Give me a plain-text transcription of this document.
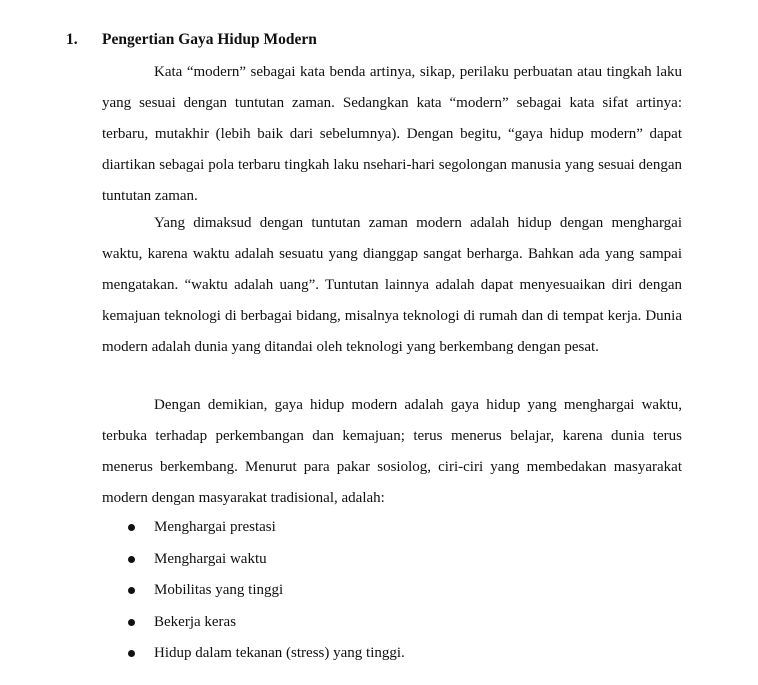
1. Pengertian Gaya Hidup Modern

Kata “modern” sebagai kata benda artinya, sikap, perilaku perbuatan atau tingkah laku yang sesuai dengan tuntutan zaman. Sedangkan kata “modern” sebagai kata sifat artinya: terbaru, mutakhir (lebih baik dari sebelumnya). Dengan begitu, “gaya hidup modern” dapat diartikan sebagai pola terbaru tingkah laku nsehari-hari segolongan manusia yang sesuai dengan tuntutan zaman.

Yang dimaksud dengan tuntutan zaman modern adalah hidup dengan menghargai waktu, karena waktu adalah sesuatu yang dianggap sangat berharga. Bahkan ada yang sampai mengatakan. “waktu adalah uang”. Tuntutan lainnya adalah dapat menyesuaikan diri dengan kemajuan teknologi di berbagai bidang, misalnya teknologi di rumah dan di tempat kerja. Dunia modern adalah dunia yang ditandai oleh teknologi yang berkembang dengan pesat.

Dengan demikian, gaya hidup modern adalah gaya hidup yang menghargai waktu, terbuka terhadap perkembangan dan kemajuan; terus menerus belajar, karena dunia terus menerus berkembang. Menurut para pakar sosiolog, ciri-ciri yang membedakan masyarakat modern dengan masyarakat tradisional, adalah:

Menghargai prestasi
Menghargai waktu
Mobilitas yang tinggi
Bekerja keras
Hidup dalam tekanan (stress) yang tinggi.
